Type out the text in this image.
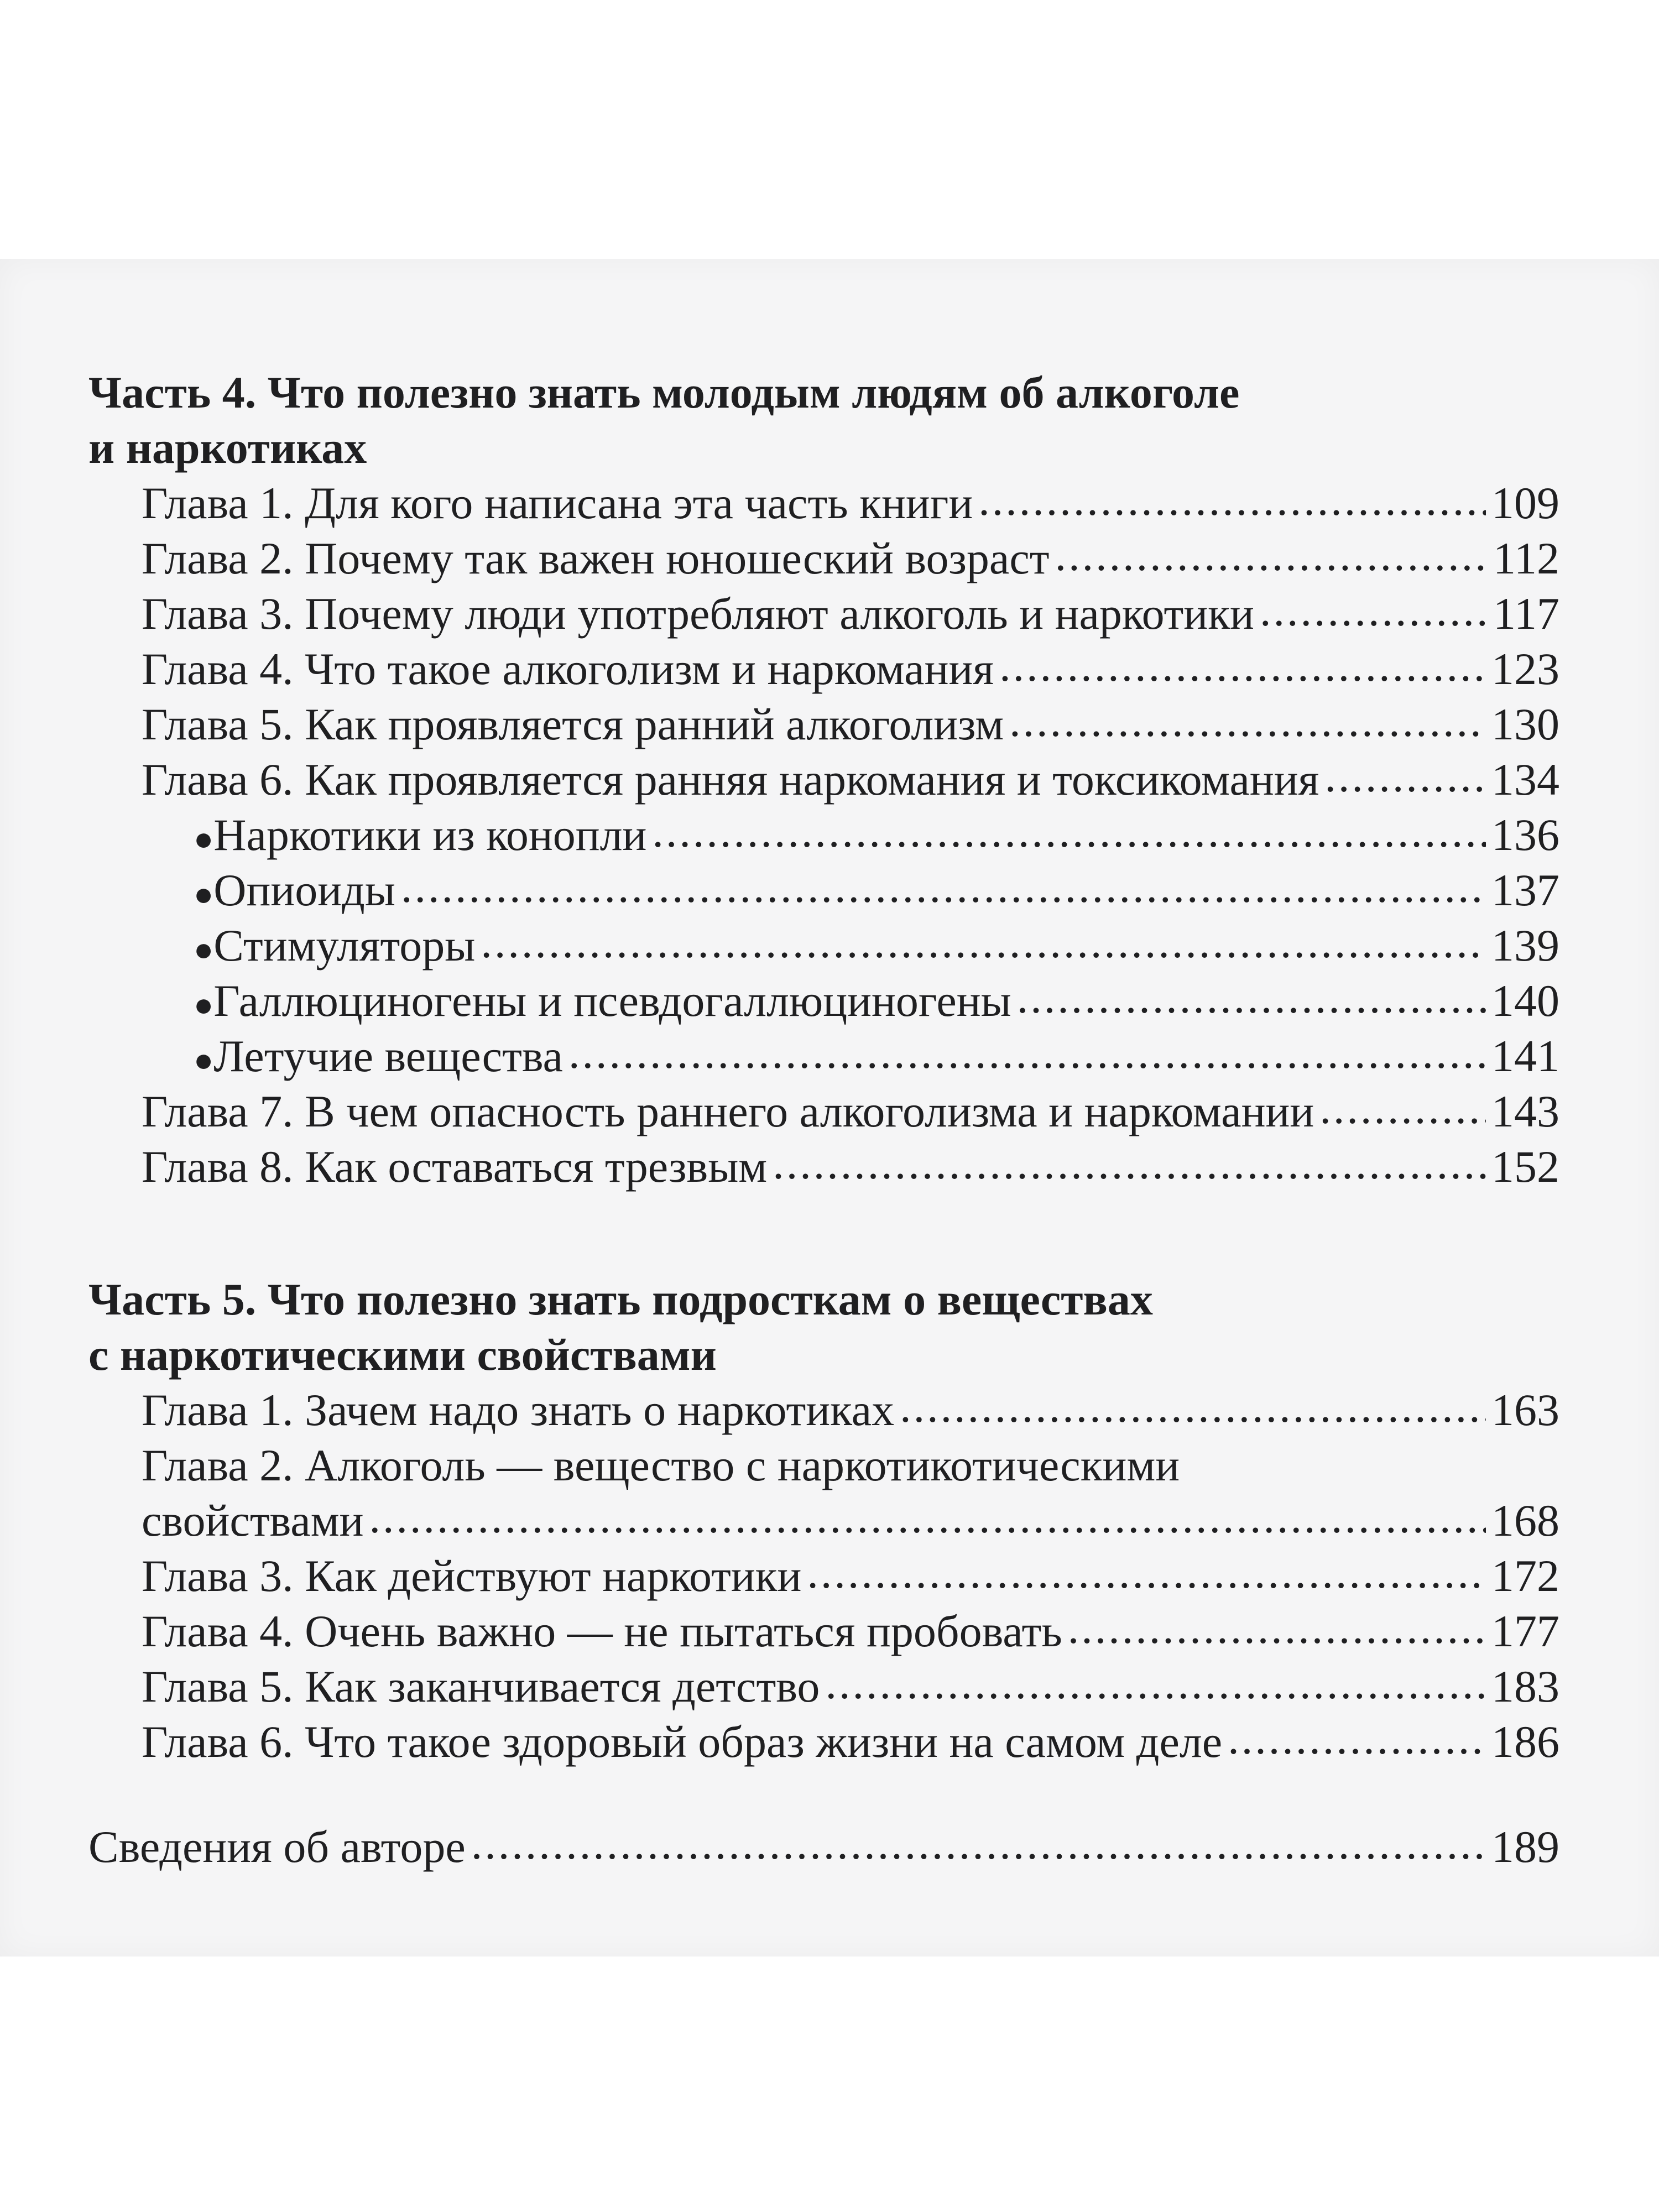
Часть 4. Что полезно знать молодым людям об алкоголе
и наркотиках
Глава 1. Для кого написана эта часть книги .....	109
Глава 2. Почему так важен юношеский возраст .....	112
Глава 3. Почему люди употребляют алкоголь и наркотики .....	117
Глава 4. Что такое алкоголизм и наркомания .....	123
Глава 5. Как проявляется ранний алкоголизм .....	130
Глава 6. Как проявляется ранняя наркомания и токсикомания .....	134
● Наркотики из конопли .....	136
● Опиоиды .....	137
● Стимуляторы .....	139
● Галлюциногены и псевдогаллюциногены .....	140
● Летучие вещества .....	141
Глава 7. В чем опасность раннего алкоголизма и наркомании .....	143
Глава 8. Как оставаться трезвым .....	152
Часть 5. Что полезно знать подросткам о веществах
с наркотическими свойствами
Глава 1. Зачем надо знать о наркотиках .....	163
Глава 2. Алкоголь — вещество с наркотикотическими
свойствами .....	168
Глава 3. Как действуют наркотики .....	172
Глава 4. Очень важно — не пытаться пробовать .....	177
Глава 5. Как заканчивается детство .....	183
Глава 6. Что такое здоровый образ жизни на самом деле .....	186
Сведения об авторе .....	189
